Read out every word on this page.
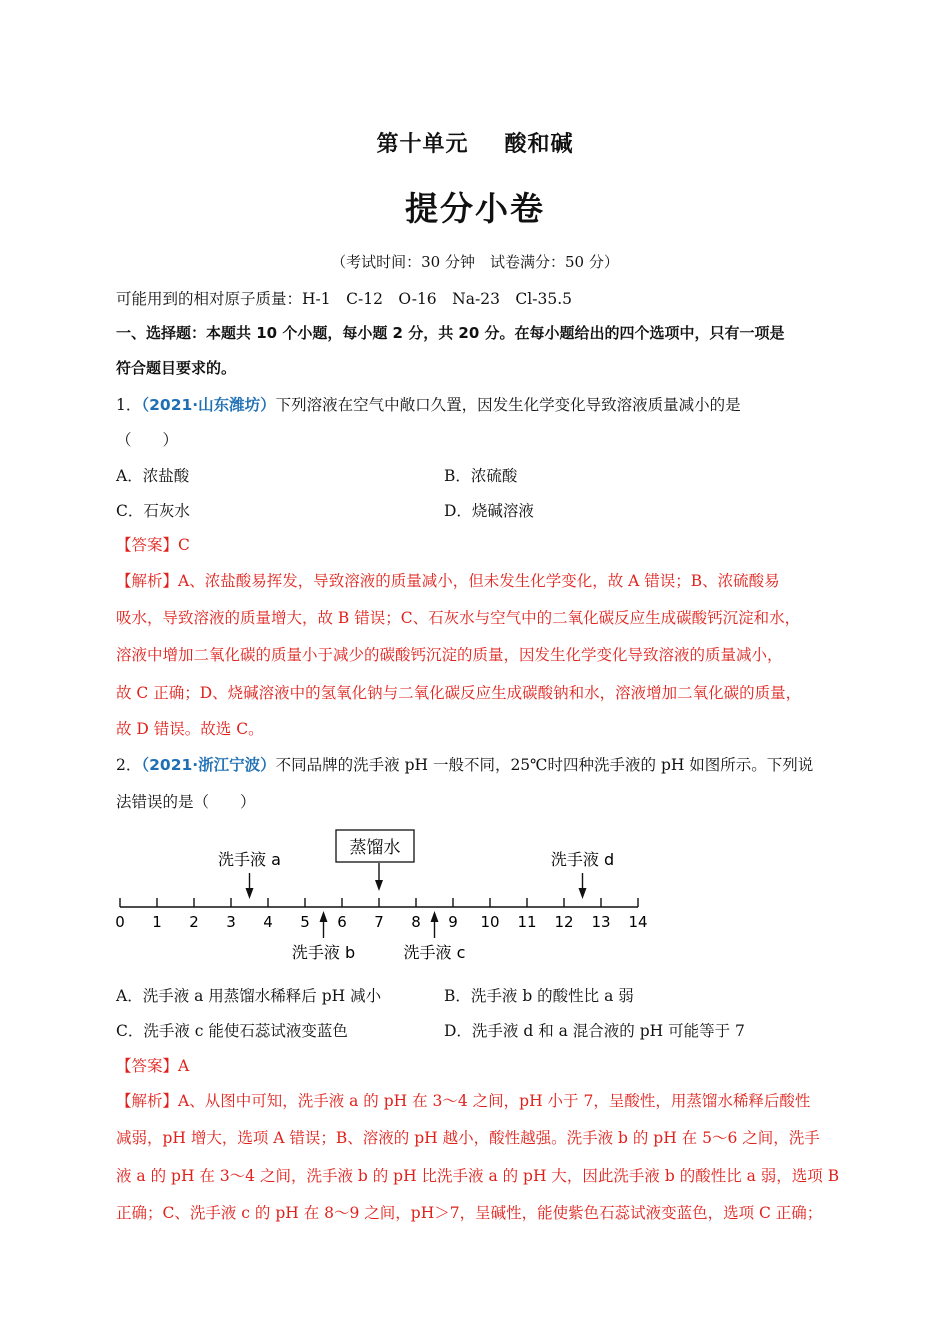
第十单元 酸和碱
提分小卷
（考试时间：30 分钟　试卷满分：50 分）
可能用到的相对原子质量：H-1　C-12　O-16　Na-23　Cl-35.5
一、选择题：本题共 10 个小题，每小题 2 分，共 20 分。在每小题给出的四个选项中，只有一项是
符合题目要求的。
1．（2021·山东潍坊）下列溶液在空气中敞口久置，因发生化学变化导致溶液质量减小的是
（　　）
A．浓盐酸	B．浓硫酸
C．石灰水	D．烧碱溶液
【答案】C
【解析】A、浓盐酸易挥发，导致溶液的质量减小，但未发生化学变化，故 A 错误；B、浓硫酸易
吸水，导致溶液的质量增大，故 B 错误；C、石灰水与空气中的二氧化碳反应生成碳酸钙沉淀和水，
溶液中增加二氧化碳的质量小于减少的碳酸钙沉淀的质量，因发生化学变化导致溶液的质量减小，
故 C 正确；D、烧碱溶液中的氢氧化钠与二氧化碳反应生成碳酸钠和水，溶液增加二氧化碳的质量，
故 D 错误。故选 C。
2．（2021·浙江宁波）不同品牌的洗手液 pH 一般不同，25℃时四种洗手液的 pH 如图所示。下列说
法错误的是（　　）
0 1 2 3 4 5 6 7 8 9 10 11 12 13 14
蒸馏水
洗手液 a
洗手液 b	洗手液 c
洗手液 d
A．洗手液 a 用蒸馏水稀释后 pH 减小	B．洗手液 b 的酸性比 a 弱
C．洗手液 c 能使石蕊试液变蓝色	D．洗手液 d 和 a 混合液的 pH 可能等于 7
【答案】A
【解析】A、从图中可知，洗手液 a 的 pH 在 3～4 之间，pH 小于 7，呈酸性，用蒸馏水稀释后酸性
减弱，pH 增大，选项 A 错误；B、溶液的 pH 越小，酸性越强。洗手液 b 的 pH 在 5～6 之间，洗手
液 a 的 pH 在 3～4 之间，洗手液 b 的 pH 比洗手液 a 的 pH 大，因此洗手液 b 的酸性比 a 弱，选项 B
正确；C、洗手液 c 的 pH 在 8～9 之间，pH＞7，呈碱性，能使紫色石蕊试液变蓝色，选项 C 正确；
